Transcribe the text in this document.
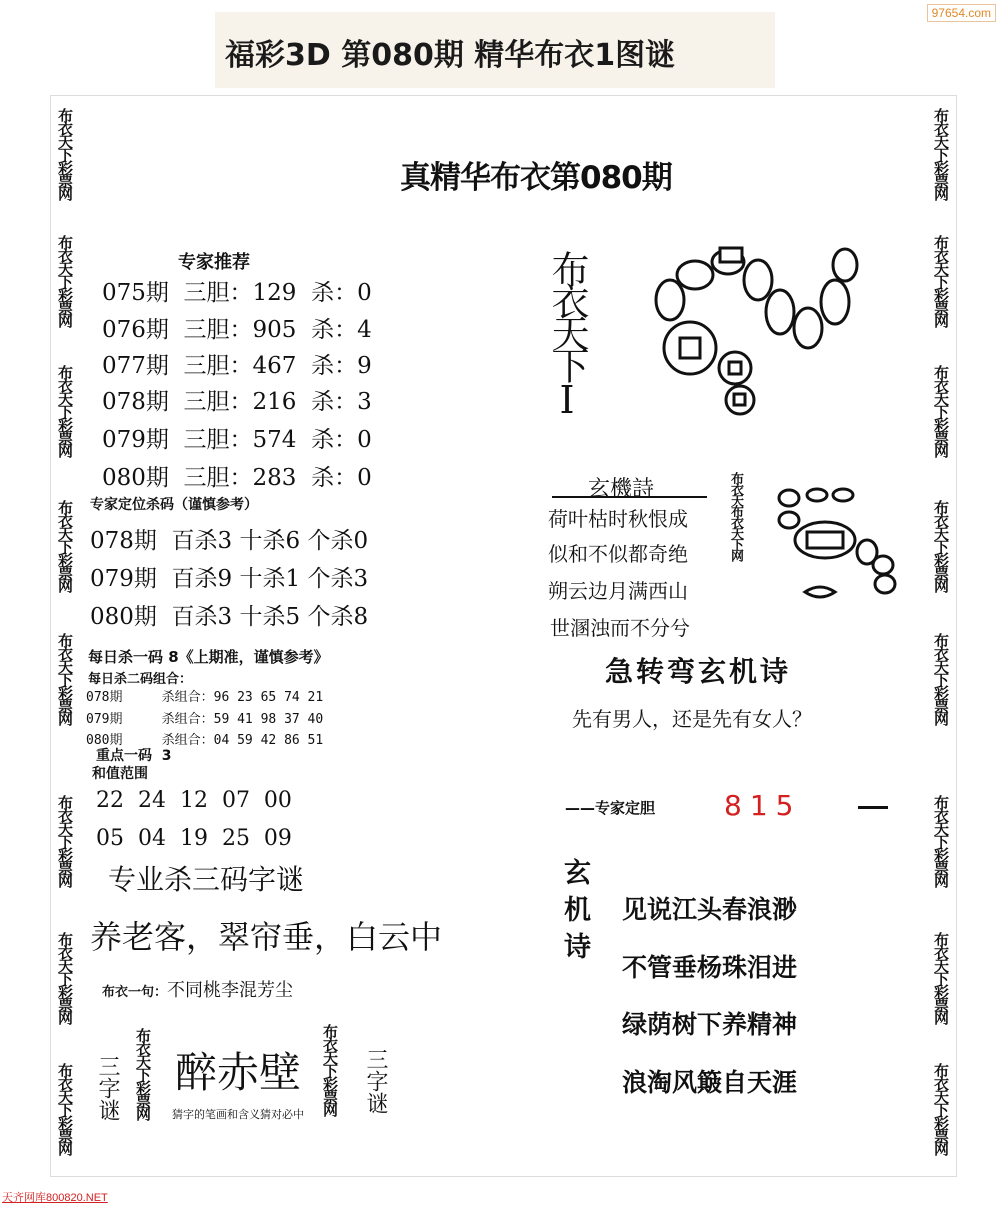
福彩3D 第080期 精华布衣1图谜
97654.com
布衣天下彩票网
布衣天下彩票网
布衣天下彩票网
布衣天下彩票网
布衣天下彩票网
布衣天下彩票网
布衣天下彩票网
布衣天下彩票网
布衣天下彩票网
布衣天下彩票网
布衣天下彩票网
布衣天下彩票网
布衣天下彩票网
布衣天下彩票网
布衣天下彩票网
布衣天下彩票网
真精华布衣第080期
专家推荐
075期 三胆：129 杀：0
076期 三胆：905 杀：4
077期 三胆：467 杀：9
078期 三胆：216 杀：3
079期 三胆：574 杀：0
080期 三胆：283 杀：0
专家定位杀码（谨慎参考）
078期 百杀3 十杀6 个杀0
079期 百杀9 十杀1 个杀3
080期 百杀3 十杀5 个杀8
每日杀一码 8《上期准，谨慎参考》
每日杀二码组合：
078期	杀组合：96 23 65 74 21
079期	杀组合：59 41 98 37 40
080期	杀组合：04 59 42 86 51
重点一码  3
和值范围
22  24  12  07  00
05  04  19  25  09
专业杀三码字谜
养老客，翠帘垂，白云中
布衣一句：不同桃李混芳尘
三字谜 布衣天下彩票网 醉赤壁
猜字的笔画和含义猜对必中	布衣天下彩票网 三字谜
布衣天下Ⅰ
玄機詩
荷叶枯时秋恨成
似和不似都奇绝
朔云边月满西山
世溷浊而不分兮
布衣天布衣天下网
急转弯玄机诗
先有男人，还是先有女人？
——专家定胆 815
玄机诗 见说江头春浪渺
不管垂杨珠泪进
绿荫树下养精神
浪淘风簸自天涯
天齐网库800820.NET
